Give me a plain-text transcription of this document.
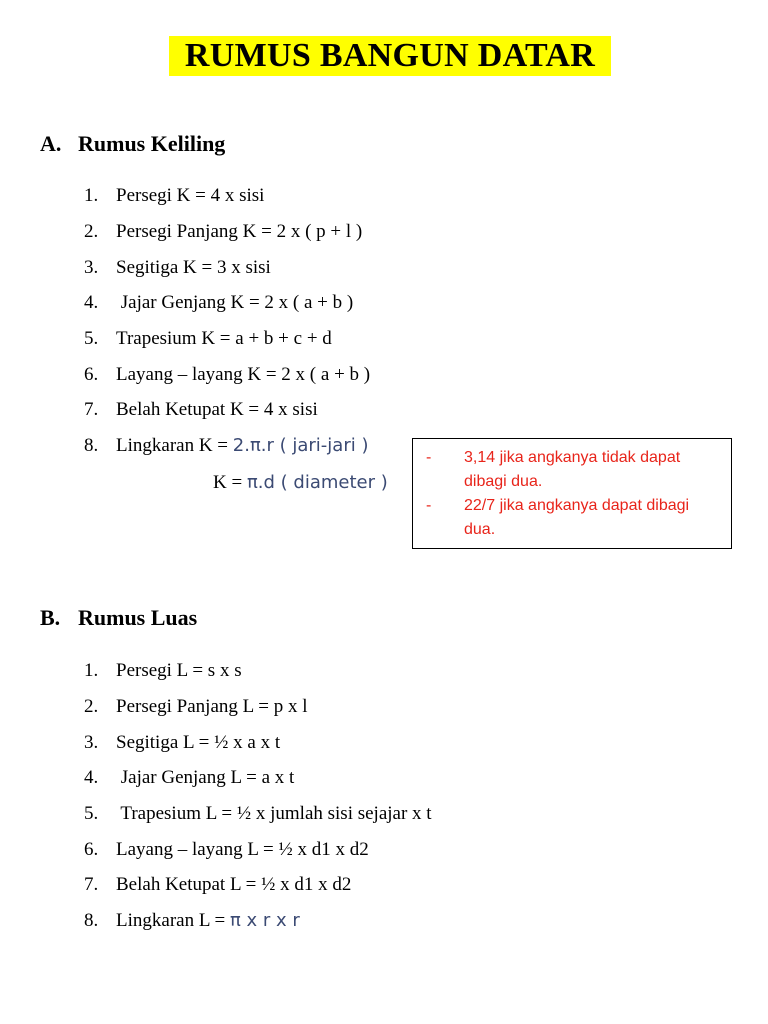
RUMUS BANGUN DATAR
A. Rumus Keliling
1. Persegi K = 4 x sisi
2. Persegi Panjang K = 2 x ( p + l )
3. Segitiga K = 3 x sisi
4. Jajar Genjang K = 2 x ( a + b )
5. Trapesium K = a + b + c + d
6. Layang – layang K = 2 x ( a + b )
7. Belah Ketupat K = 4 x sisi
8. Lingkaran K = 2.π.r ( jari-jari )
K = π.d ( diameter )
-	3,14 jika angkanya tidak dapat dibagi dua.
-	22/7 jika angkanya dapat dibagi dua.
B. Rumus Luas
1. Persegi L = s x s
2. Persegi Panjang L = p x l
3. Segitiga L = ½ x a x t
4. Jajar Genjang L = a x t
5. Trapesium L = ½ x jumlah sisi sejajar x t
6. Layang – layang L = ½ x d1 x d2
7. Belah Ketupat L = ½ x d1 x d2
8. Lingkaran L = π x r x r
